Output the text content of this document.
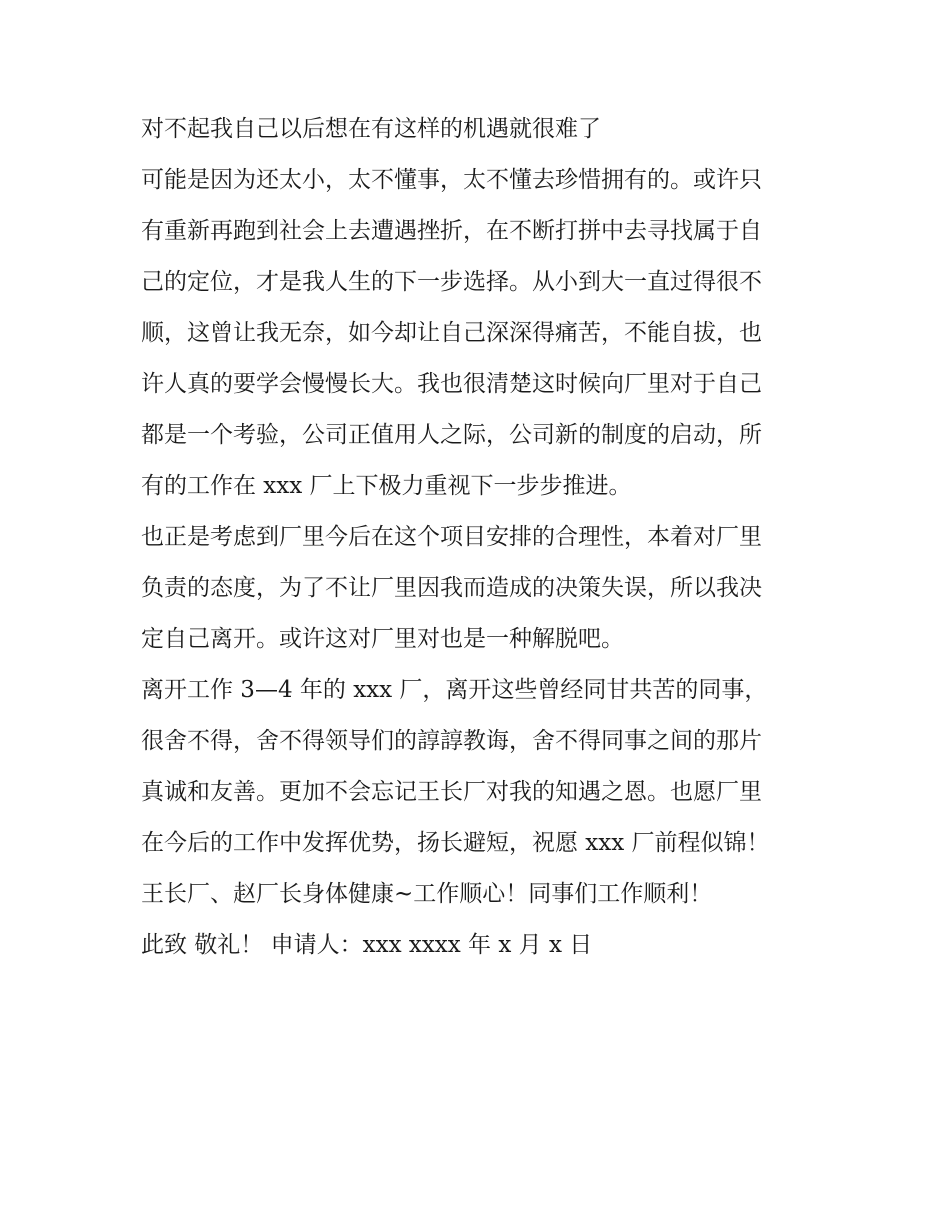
对不起我自己以后想在有这样的机遇就很难了
可能是因为还太小，太不懂事，太不懂去珍惜拥有的。或许只
有重新再跑到社会上去遭遇挫折，在不断打拼中去寻找属于自
己的定位，才是我人生的下一步选择。从小到大一直过得很不
顺，这曾让我无奈，如今却让自己深深得痛苦，不能自拔，也
许人真的要学会慢慢长大。我也很清楚这时候向厂里对于自己
都是一个考验，公司正值用人之际，公司新的制度的启动，所
有的工作在 xxx 厂上下极力重视下一步步推进。
也正是考虑到厂里今后在这个项目安排的合理性，本着对厂里
负责的态度，为了不让厂里因我而造成的决策失误，所以我决
定自己离开。或许这对厂里对也是一种解脱吧。
离开工作 3—4 年的 xxx 厂，离开这些曾经同甘共苦的同事，
很舍不得，舍不得领导们的諄諄教诲，舍不得同事之间的那片
真诚和友善。更加不会忘记王长厂对我的知遇之恩。也愿厂里
在今后的工作中发挥优势，扬长避短，祝愿 xxx 厂前程似锦！
王长厂、赵厂长身体健康~工作顺心！同事们工作顺利！
此致 敬礼！ 申请人：xxx xxxx 年 x 月 x 日
